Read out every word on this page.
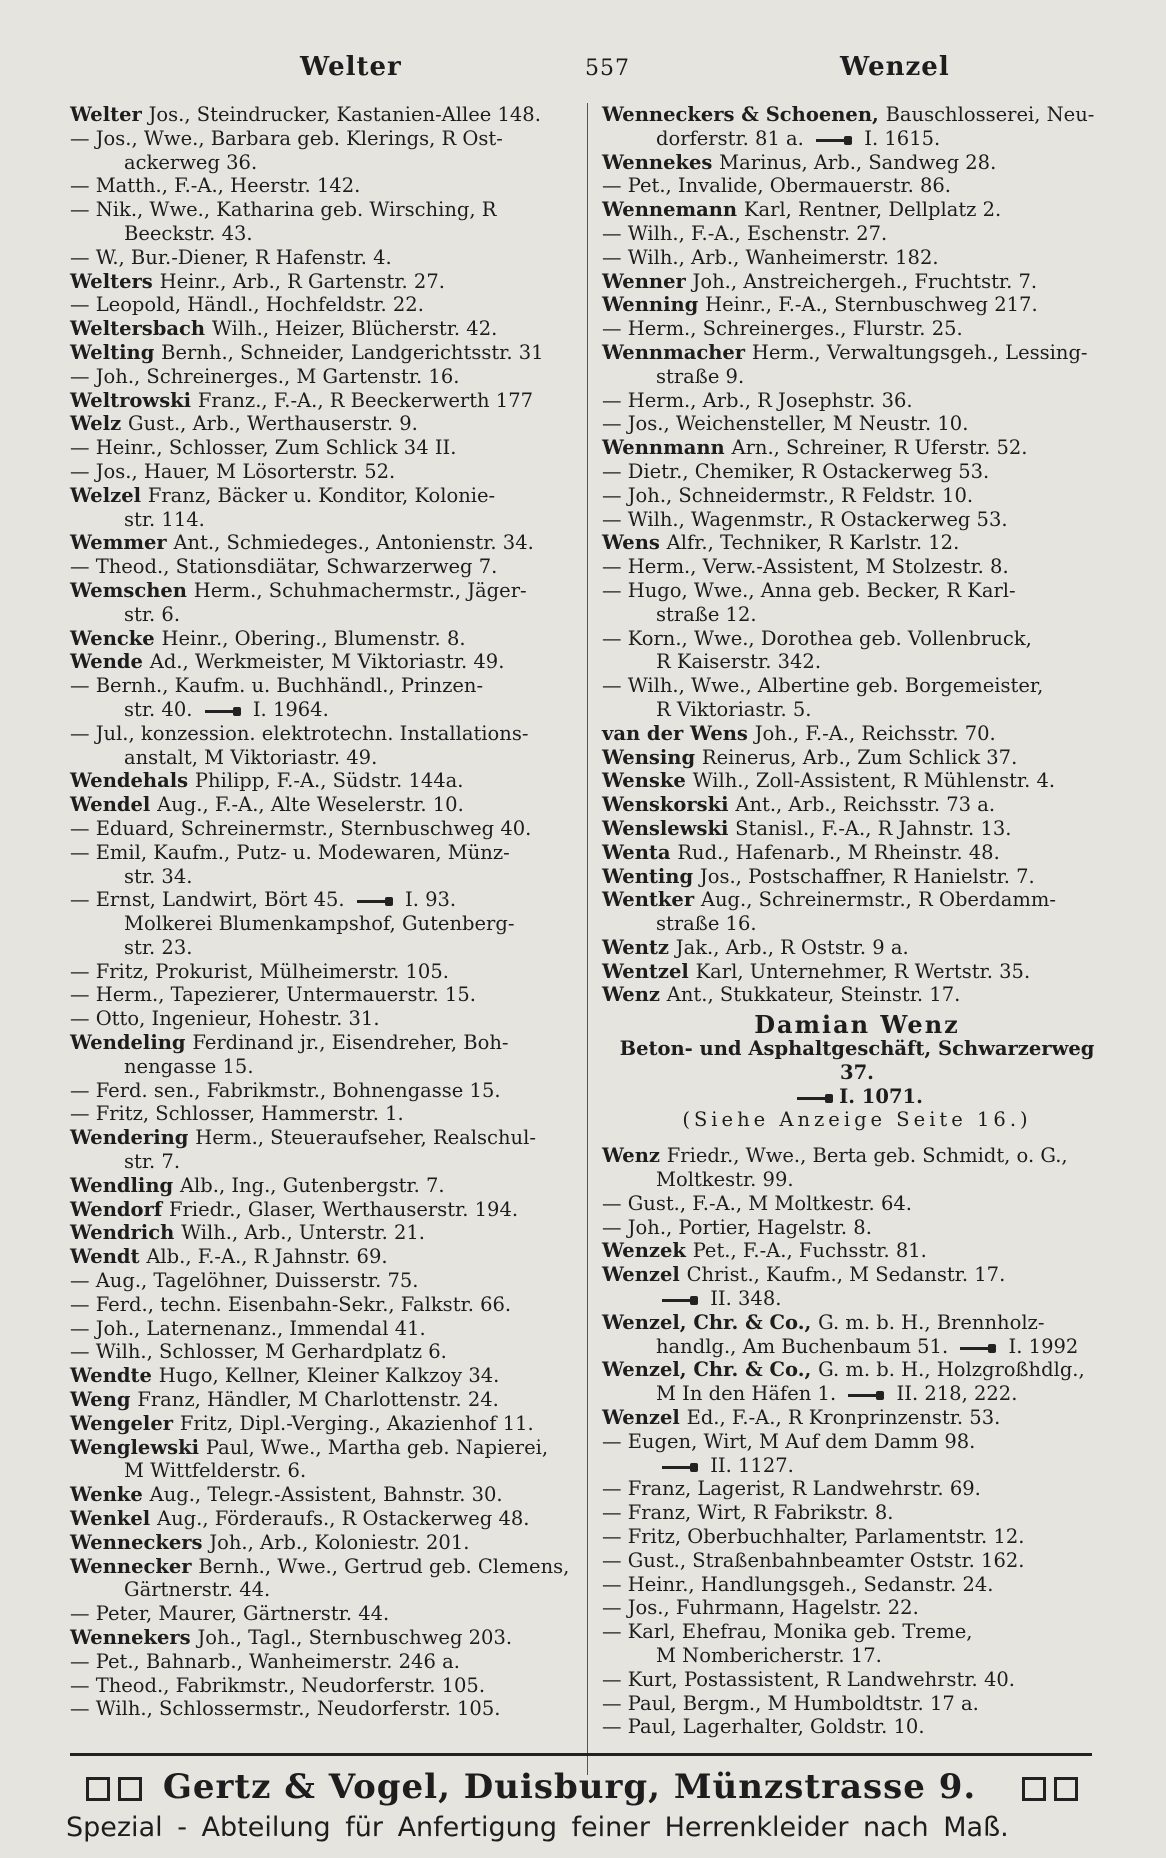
Welter	557	Wenzel
Welter Jos., Steindrucker, Kastanien-Allee 148.
— Jos., Wwe., Barbara geb. Klerings, R Ost-
ackerweg 36.
— Matth., F.-A., Heerstr. 142.
— Nik., Wwe., Katharina geb. Wirsching, R
Beeckstr. 43.
— W., Bur.-Diener, R Hafenstr. 4.
Welters Heinr., Arb., R Gartenstr. 27.
— Leopold, Händl., Hochfeldstr. 22.
Weltersbach Wilh., Heizer, Blücherstr. 42.
Welting Bernh., Schneider, Landgerichtsstr. 31
— Joh., Schreinerges., M Gartenstr. 16.
Weltrowski Franz., F.-A., R Beeckerwerth 177
Welz Gust., Arb., Werthauserstr. 9.
— Heinr., Schlosser, Zum Schlick 34 II.
— Jos., Hauer, M Lösorterstr. 52.
Welzel Franz, Bäcker u. Konditor, Kolonie-
str. 114.
Wemmer Ant., Schmiedeges., Antonienstr. 34.
— Theod., Stationsdiätar, Schwarzerweg 7.
Wemschen Herm., Schuhmachermstr., Jäger-
str. 6.
Wencke Heinr., Obering., Blumenstr. 8.
Wende Ad., Werkmeister, M Viktoriastr. 49.
— Bernh., Kaufm. u. Buchhändl., Prinzen-
str. 40.  I. 1964.
— Jul., konzession. elektrotechn. Installations-
anstalt, M Viktoriastr. 49.
Wendehals Philipp, F.-A., Südstr. 144a.
Wendel Aug., F.-A., Alte Weselerstr. 10.
— Eduard, Schreinermstr., Sternbuschweg 40.
— Emil, Kaufm., Putz- u. Modewaren, Münz-
str. 34.
— Ernst, Landwirt, Bört 45.  I. 93.
Molkerei Blumenkampshof, Gutenberg-
str. 23.
— Fritz, Prokurist, Mülheimerstr. 105.
— Herm., Tapezierer, Untermauerstr. 15.
— Otto, Ingenieur, Hohestr. 31.
Wendeling Ferdinand jr., Eisendreher, Boh-
nengasse 15.
— Ferd. sen., Fabrikmstr., Bohnengasse 15.
— Fritz, Schlosser, Hammerstr. 1.
Wendering Herm., Steueraufseher, Realschul-
str. 7.
Wendling Alb., Ing., Gutenbergstr. 7.
Wendorf Friedr., Glaser, Werthauserstr. 194.
Wendrich Wilh., Arb., Unterstr. 21.
Wendt Alb., F.-A., R Jahnstr. 69.
— Aug., Tagelöhner, Duisserstr. 75.
— Ferd., techn. Eisenbahn-Sekr., Falkstr. 66.
— Joh., Laternenanz., Immendal 41.
— Wilh., Schlosser, M Gerhardplatz 6.
Wendte Hugo, Kellner, Kleiner Kalkzoy 34.
Weng Franz, Händler, M Charlottenstr. 24.
Wengeler Fritz, Dipl.-Verging., Akazienhof 11.
Wenglewski Paul, Wwe., Martha geb. Napierei,
M Wittfelderstr. 6.
Wenke Aug., Telegr.-Assistent, Bahnstr. 30.
Wenkel Aug., Förderaufs., R Ostackerweg 48.
Wenneckers Joh., Arb., Koloniestr. 201.
Wennecker Bernh., Wwe., Gertrud geb. Clemens,
Gärtnerstr. 44.
— Peter, Maurer, Gärtnerstr. 44.
Wennekers Joh., Tagl., Sternbuschweg 203.
— Pet., Bahnarb., Wanheimerstr. 246 a.
— Theod., Fabrikmstr., Neudorferstr. 105.
— Wilh., Schlossermstr., Neudorferstr. 105.
Wenneckers & Schoenen, Bauschlosserei, Neu-
dorferstr. 81 a.  I. 1615.
Wennekes Marinus, Arb., Sandweg 28.
— Pet., Invalide, Obermauerstr. 86.
Wennemann Karl, Rentner, Dellplatz 2.
— Wilh., F.-A., Eschenstr. 27.
— Wilh., Arb., Wanheimerstr. 182.
Wenner Joh., Anstreichergeh., Fruchtstr. 7.
Wenning Heinr., F.-A., Sternbuschweg 217.
— Herm., Schreinerges., Flurstr. 25.
Wennmacher Herm., Verwaltungsgeh., Lessing-
straße 9.
— Herm., Arb., R Josephstr. 36.
— Jos., Weichensteller, M Neustr. 10.
Wennmann Arn., Schreiner, R Uferstr. 52.
— Dietr., Chemiker, R Ostackerweg 53.
— Joh., Schneidermstr., R Feldstr. 10.
— Wilh., Wagenmstr., R Ostackerweg 53.
Wens Alfr., Techniker, R Karlstr. 12.
— Herm., Verw.-Assistent, M Stolzestr. 8.
— Hugo, Wwe., Anna geb. Becker, R Karl-
straße 12.
— Korn., Wwe., Dorothea geb. Vollenbruck,
R Kaiserstr. 342.
— Wilh., Wwe., Albertine geb. Borgemeister,
R Viktoriastr. 5.
van der Wens Joh., F.-A., Reichsstr. 70.
Wensing Reinerus, Arb., Zum Schlick 37.
Wenske Wilh., Zoll-Assistent, R Mühlenstr. 4.
Wenskorski Ant., Arb., Reichsstr. 73 a.
Wenslewski Stanisl., F.-A., R Jahnstr. 13.
Wenta Rud., Hafenarb., M Rheinstr. 48.
Wenting Jos., Postschaffner, R Hanielstr. 7.
Wentker Aug., Schreinermstr., R Oberdamm-
straße 16.
Wentz Jak., Arb., R Oststr. 9 a.
Wentzel Karl, Unternehmer, R Wertstr. 35.
Wenz Ant., Stukkateur, Steinstr. 17.
Damian Wenz
Beton- und Asphaltgeschäft, Schwarzerweg 37.
I. 1071.
(Siehe Anzeige Seite 16.)
Wenz Friedr., Wwe., Berta geb. Schmidt, o. G.,
Moltkestr. 99.
— Gust., F.-A., M Moltkestr. 64.
— Joh., Portier, Hagelstr. 8.
Wenzek Pet., F.-A., Fuchsstr. 81.
Wenzel Christ., Kaufm., M Sedanstr. 17.
II. 348.
Wenzel, Chr. & Co., G. m. b. H., Brennholz-
handlg., Am Buchenbaum 51.  I. 1992
Wenzel, Chr. & Co., G. m. b. H., Holzgroßhdlg.,
M In den Häfen 1.  II. 218, 222.
Wenzel Ed., F.-A., R Kronprinzenstr. 53.
— Eugen, Wirt, M Auf dem Damm 98.
II. 1127.
— Franz, Lagerist, R Landwehrstr. 69.
— Franz, Wirt, R Fabrikstr. 8.
— Fritz, Oberbuchhalter, Parlamentstr. 12.
— Gust., Straßenbahnbeamter Oststr. 162.
— Heinr., Handlungsgeh., Sedanstr. 24.
— Jos., Fuhrmann, Hagelstr. 22.
— Karl, Ehefrau, Monika geb. Treme,
M Nombericherstr. 17.
— Kurt, Postassistent, R Landwehrstr. 40.
— Paul, Bergm., M Humboldtstr. 17 a.
— Paul, Lagerhalter, Goldstr. 10.
Gertz & Vogel, Duisburg, Münzstrasse 9.
Spezial - Abteilung für Anfertigung feiner Herrenkleider nach Maß.
